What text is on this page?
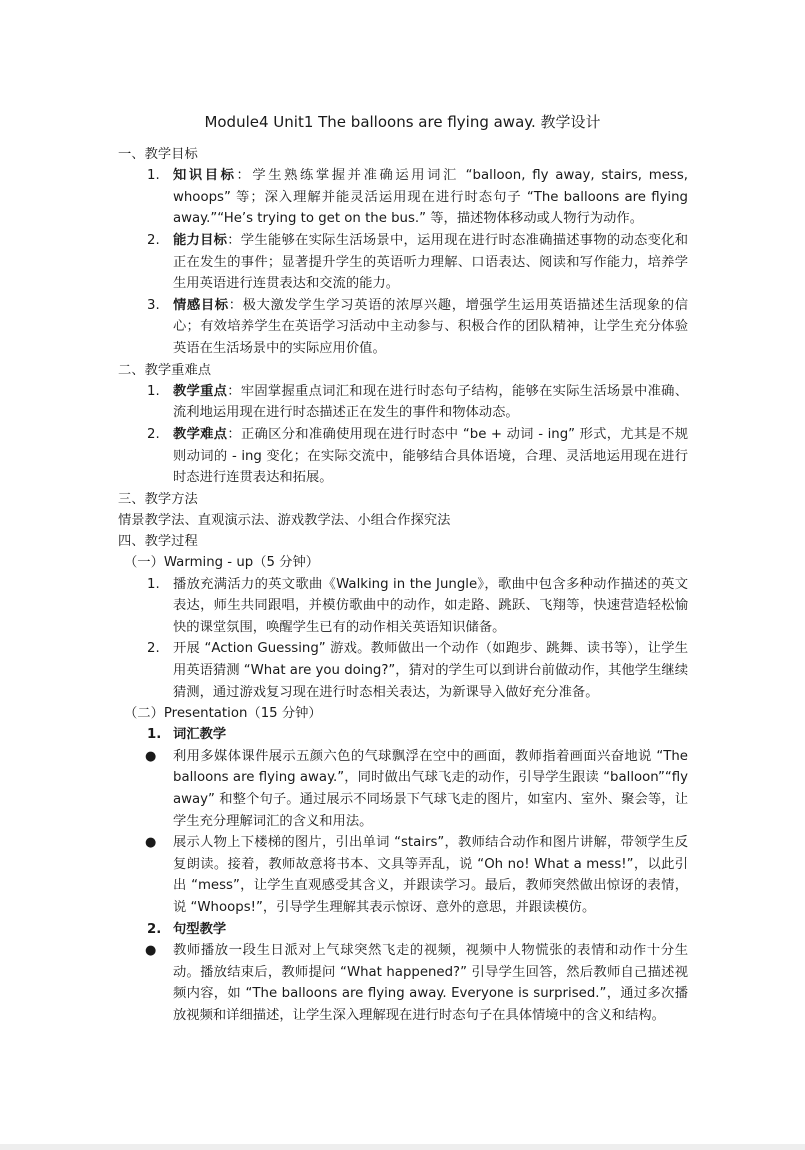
Module4 Unit1 The balloons are flying away. 教学设计
一、教学目标
1. 知识目标：学生熟练掌握并准确运用词汇 “balloon, fly away, stairs, mess, whoops” 等；深入理解并能灵活运用现在进行时态句子 “The balloons are flying away.”“He’s trying to get on the bus.” 等，描述物体移动或人物行为动作。
2. 能力目标：学生能够在实际生活场景中，运用现在进行时态准确描述事物的动态变化和正在发生的事件；显著提升学生的英语听力理解、口语表达、阅读和写作能力，培养学生用英语进行连贯表达和交流的能力。
3. 情感目标：极大激发学生学习英语的浓厚兴趣，增强学生运用英语描述生活现象的信心；有效培养学生在英语学习活动中主动参与、积极合作的团队精神，让学生充分体验英语在生活场景中的实际应用价值。
二、教学重难点
1. 教学重点：牢固掌握重点词汇和现在进行时态句子结构，能够在实际生活场景中准确、流利地运用现在进行时态描述正在发生的事件和物体动态。
2. 教学难点：正确区分和准确使用现在进行时态中 “be + 动词 - ing” 形式，尤其是不规则动词的 - ing 变化；在实际交流中，能够结合具体语境，合理、灵活地运用现在进行时态进行连贯表达和拓展。
三、教学方法
情景教学法、直观演示法、游戏教学法、小组合作探究法
四、教学过程
（一）Warming - up（5 分钟）
1. 播放充满活力的英文歌曲《Walking in the Jungle》，歌曲中包含多种动作描述的英文表达，师生共同跟唱，并模仿歌曲中的动作，如走路、跳跃、飞翔等，快速营造轻松愉快的课堂氛围，唤醒学生已有的动作相关英语知识储备。
2. 开展 “Action Guessing” 游戏。教师做出一个动作（如跑步、跳舞、读书等），让学生用英语猜测 “What are you doing?”，猜对的学生可以到讲台前做动作，其他学生继续猜测，通过游戏复习现在进行时态相关表达，为新课导入做好充分准备。
（二）Presentation（15 分钟）
1. 词汇教学
● 利用多媒体课件展示五颜六色的气球飘浮在空中的画面，教师指着画面兴奋地说 “The balloons are flying away.”，同时做出气球飞走的动作，引导学生跟读 “balloon”“fly away” 和整个句子。通过展示不同场景下气球飞走的图片，如室内、室外、聚会等，让学生充分理解词汇的含义和用法。
● 展示人物上下楼梯的图片，引出单词 “stairs”，教师结合动作和图片讲解，带领学生反复朗读。接着，教师故意将书本、文具等弄乱，说 “Oh no! What a mess!”，以此引出 “mess”，让学生直观感受其含义，并跟读学习。最后，教师突然做出惊讶的表情，说 “Whoops!”，引导学生理解其表示惊讶、意外的意思，并跟读模仿。
2. 句型教学
● 教师播放一段生日派对上气球突然飞走的视频，视频中人物慌张的表情和动作十分生动。播放结束后，教师提问 “What happened?” 引导学生回答，然后教师自己描述视频内容，如 “The balloons are flying away. Everyone is surprised.”，通过多次播放视频和详细描述，让学生深入理解现在进行时态句子在具体情境中的含义和结构。
